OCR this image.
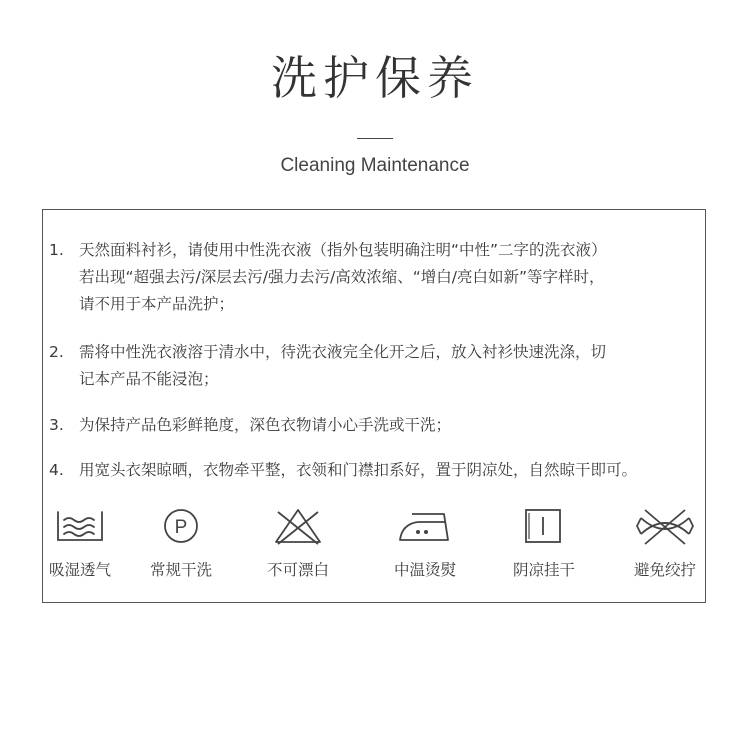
洗护保养
Cleaning Maintenance
1. 天然面料衬衫，请使用中性洗衣液（指外包装明确注明“中性”二字的洗衣液）
若出现“超强去污/深层去污/强力去污/高效浓缩、“增白/亮白如新”等字样时，
请不用于本产品洗护；
2. 需将中性洗衣液溶于清水中，待洗衣液完全化开之后，放入衬衫快速洗涤，切
记本产品不能浸泡；
3. 为保持产品色彩鲜艳度，深色衣物请小心手洗或干洗；
4. 用宽头衣架晾晒，衣物牵平整，衣领和门襟扣系好，置于阴凉处，自然晾干即可。
吸湿透气
P
常规干洗	不可漂白	中温烫熨	阴凉挂干	避免绞拧
